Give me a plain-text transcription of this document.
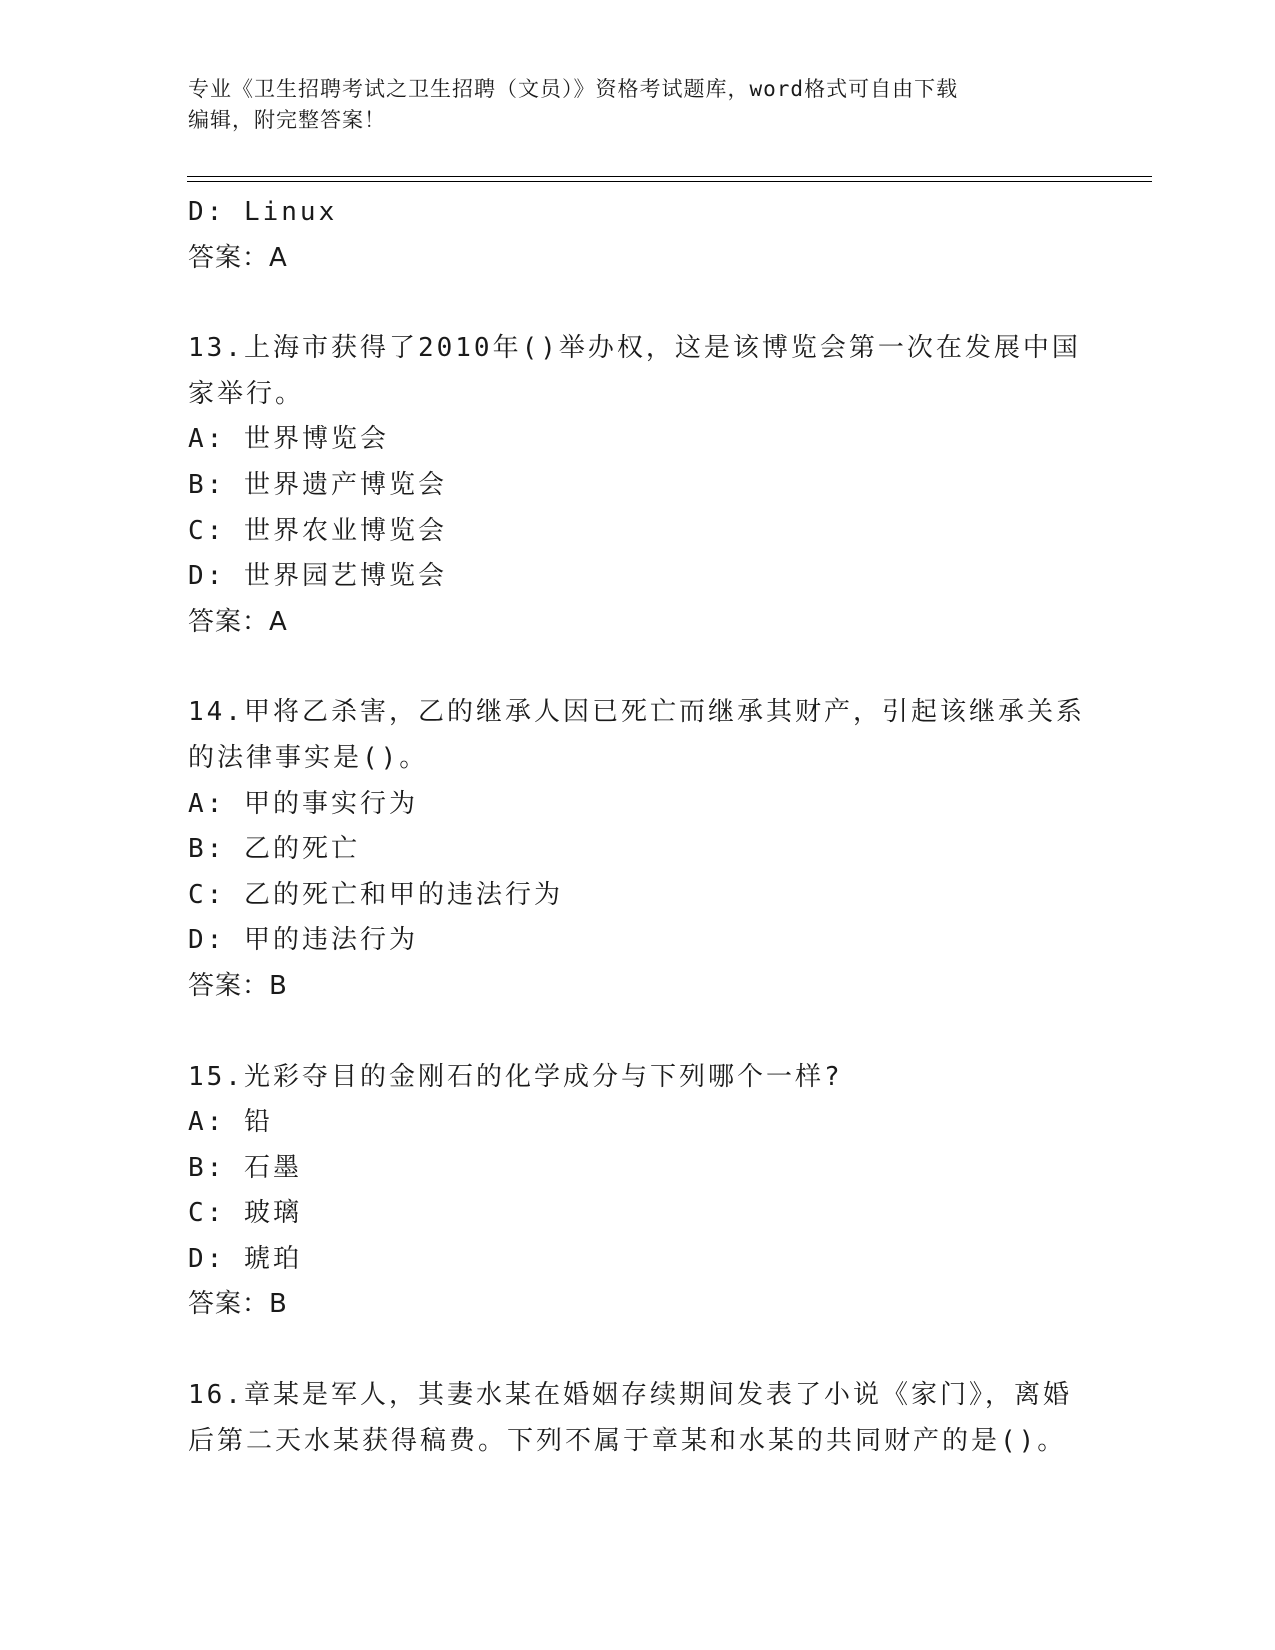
专业《卫生招聘考试之卫生招聘（文员）》资格考试题库，word格式可自由下载
编辑，附完整答案！
D: Linux
答案：A
13.上海市获得了2010年()举办权，这是该博览会第一次在发展中国
家举行。
A: 世界博览会
B: 世界遗产博览会
C: 世界农业博览会
D: 世界园艺博览会
答案：A
14.甲将乙杀害，乙的继承人因已死亡而继承其财产，引起该继承关系
的法律事实是()。
A: 甲的事实行为
B: 乙的死亡
C: 乙的死亡和甲的违法行为
D: 甲的违法行为
答案：B
15.光彩夺目的金刚石的化学成分与下列哪个一样?
A: 铅
B: 石墨
C: 玻璃
D: 琥珀
答案：B
16.章某是军人，其妻水某在婚姻存续期间发表了小说《家门》，离婚
后第二天水某获得稿费。下列不属于章某和水某的共同财产的是()。
